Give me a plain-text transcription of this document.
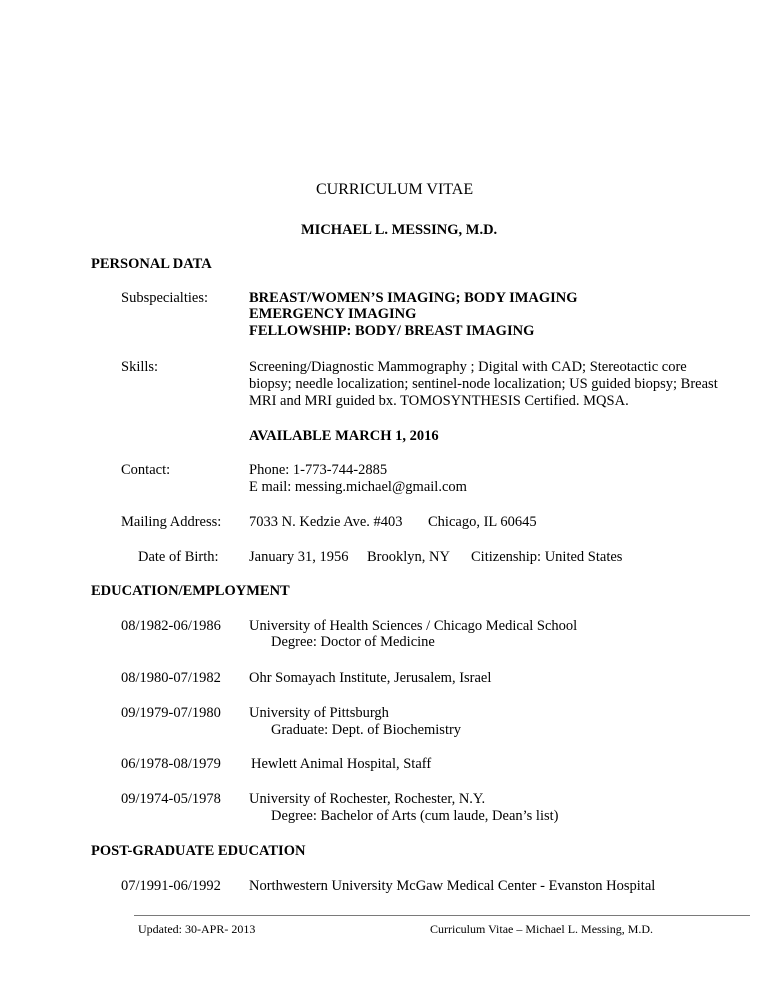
CURRICULUM VITAE
MICHAEL L. MESSING, M.D.
PERSONAL DATA
Subspecialties:	BREAST/WOMEN’S IMAGING; BODY IMAGING
EMERGENCY IMAGING
FELLOWSHIP: BODY/ BREAST IMAGING
Skills:	Screening/Diagnostic Mammography ; Digital with CAD; Stereotactic core
biopsy; needle localization; sentinel-node localization; US guided biopsy; Breast
MRI and MRI guided bx. TOMOSYNTHESIS Certified. MQSA.
AVAILABLE MARCH 1, 2016
Contact:	Phone: 1-773-744-2885
E mail: messing.michael@gmail.com
Mailing Address: 7033 N. Kedzie Ave. #403 Chicago, IL 60645
Date of Birth: January 31, 1956 Brooklyn, NY Citizenship: United States
EDUCATION/EMPLOYMENT
08/1982-06/1986 University of Health Sciences / Chicago Medical School
Degree: Doctor of Medicine
08/1980-07/1982 Ohr Somayach Institute, Jerusalem, Israel
09/1979-07/1980 University of Pittsburgh
Graduate: Dept. of Biochemistry
06/1978-08/1979 Hewlett Animal Hospital, Staff
09/1974-05/1978 University of Rochester, Rochester, N.Y.
Degree: Bachelor of Arts (cum laude, Dean’s list)
POST-GRADUATE EDUCATION
07/1991-06/1992 Northwestern University McGaw Medical Center - Evanston Hospital
Updated: 30-APR- 2013	Curriculum Vitae – Michael L. Messing, M.D.
